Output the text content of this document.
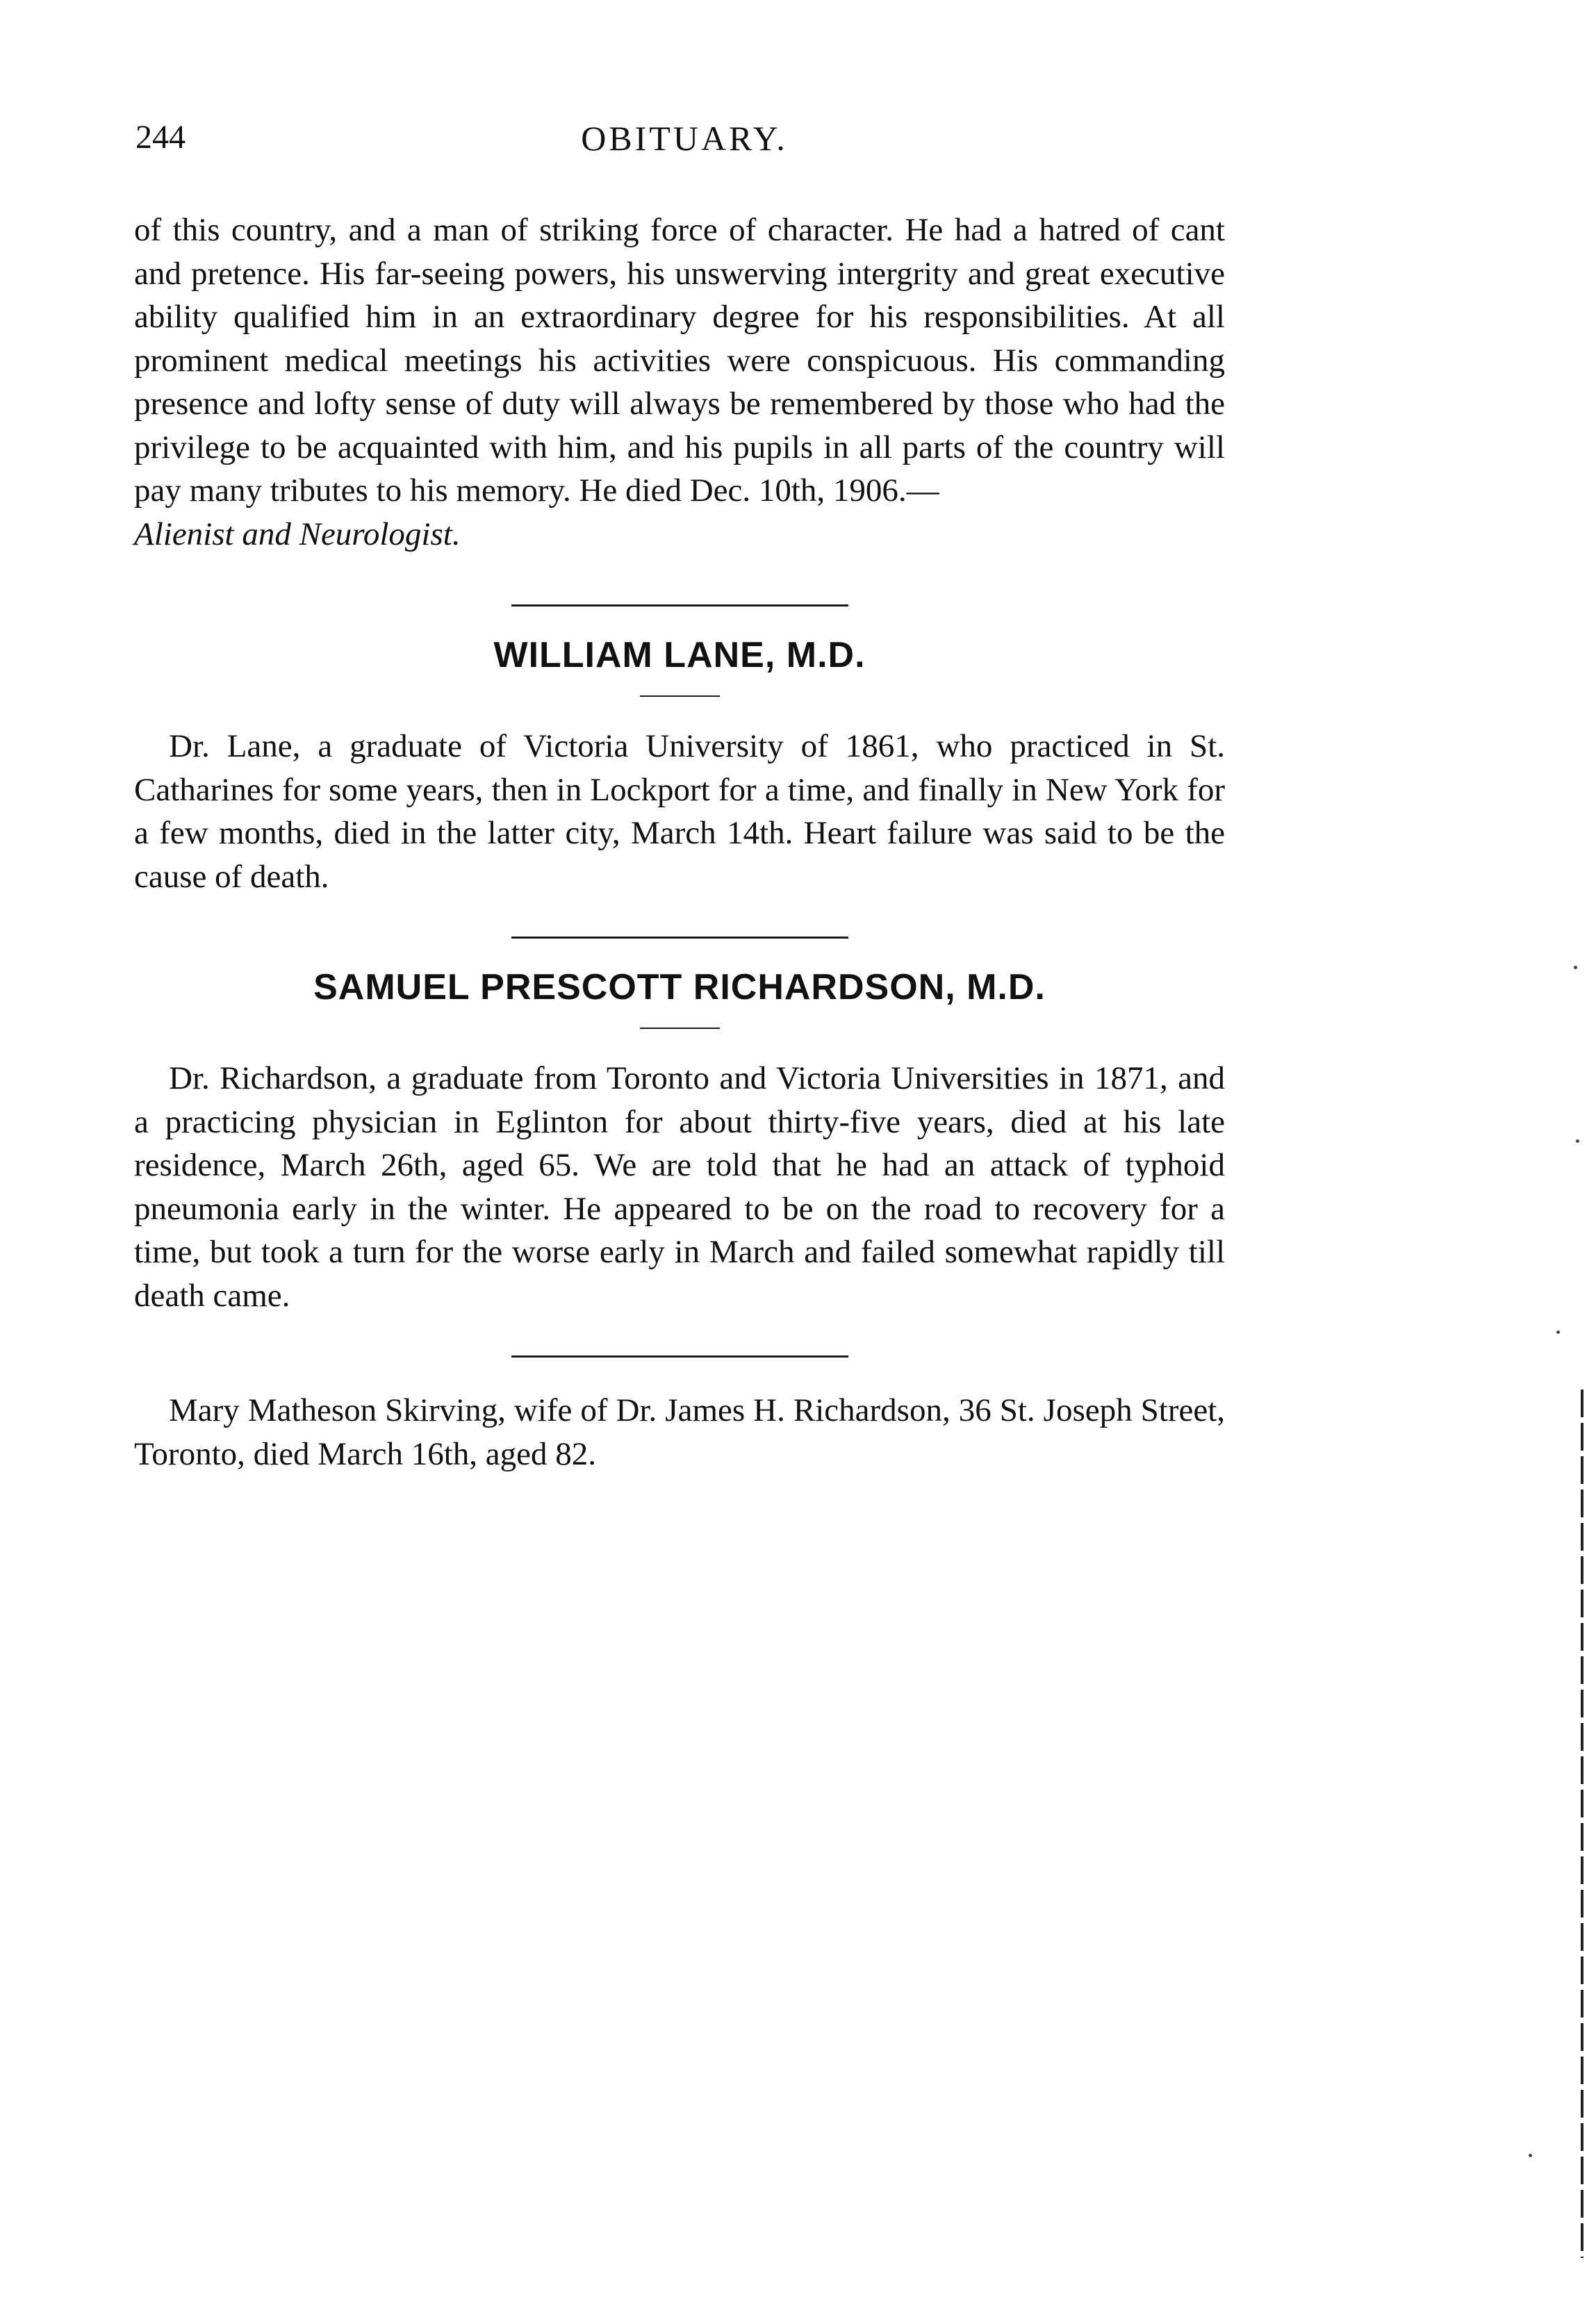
244	OBITUARY.

of this country, and a man of striking force of character. He had a hatred of cant and pretence. His far-seeing powers, his unswerving intergrity and great executive ability qualified him in an extraordinary degree for his responsibilities. At all prominent medical meetings his activities were conspicuous. His commanding presence and lofty sense of duty will always be remembered by those who had the privilege to be acquainted with him, and his pupils in all parts of the country will pay many tributes to his memory. He died Dec. 10th, 1906.—
Alienist and Neurologist.

WILLIAM LANE, M.D.

Dr. Lane, a graduate of Victoria University of 1861, who practiced in St. Catharines for some years, then in Lockport for a time, and finally in New York for a few months, died in the latter city, March 14th. Heart failure was said to be the cause of death.

SAMUEL PRESCOTT RICHARDSON, M.D.

Dr. Richardson, a graduate from Toronto and Victoria Universities in 1871, and a practicing physician in Eglinton for about thirty-five years, died at his late residence, March 26th, aged 65. We are told that he had an attack of typhoid pneumonia early in the winter. He appeared to be on the road to recovery for a time, but took a turn for the worse early in March and failed somewhat rapidly till death came.

Mary Matheson Skirving, wife of Dr. James H. Richardson, 36 St. Joseph Street, Toronto, died March 16th, aged 82.
